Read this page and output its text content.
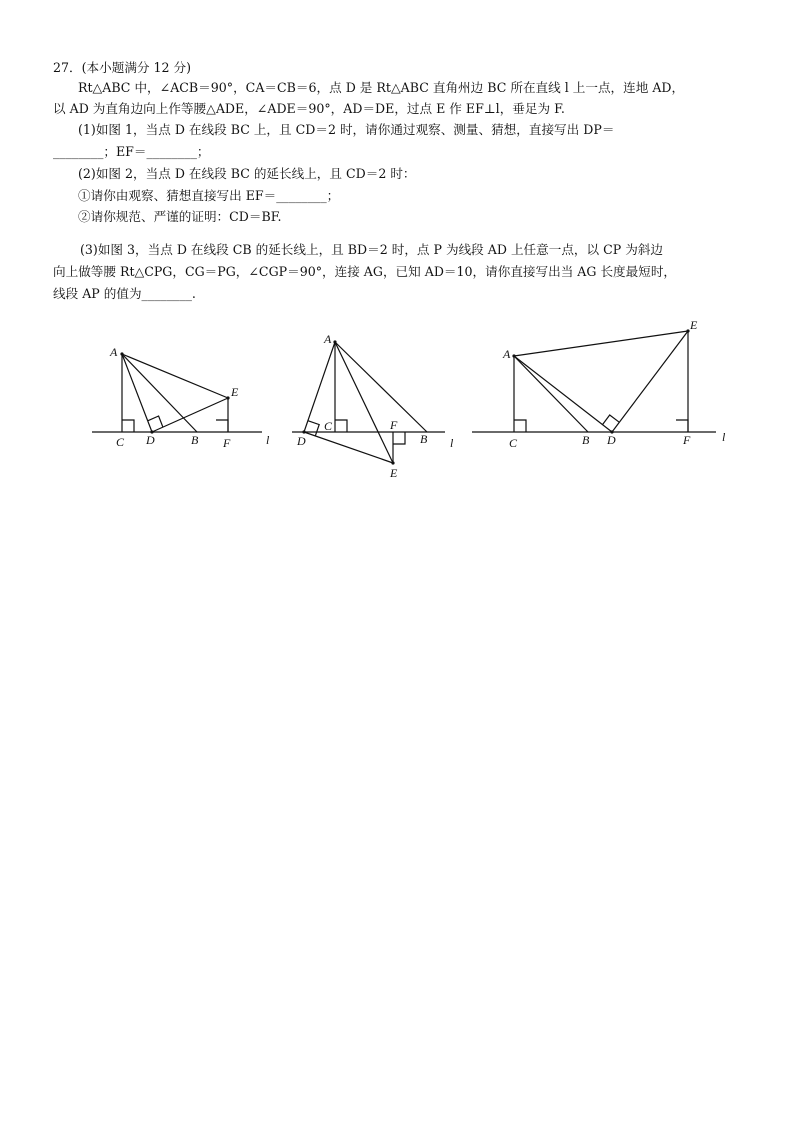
27．(本小题满分 12 分)
Rt△ABC 中，∠ACB＝90°，CA＝CB＝6，点 D 是 Rt△ABC 直角州边 BC 所在直线 l 上一点，连地 AD，
以 AD 为直角边向上作等腰△ADE，∠ADE＝90°，AD＝DE，过点 E 作 EF⊥l，垂足为 F.
(1)如图 1，当点 D 在线段 BC 上，且 CD＝2 时，请你通过观察、测量、猜想，直接写出 DP＝
________；EF＝________；
(2)如图 2，当点 D 在线段 BC 的延长线上，且 CD＝2 时：
①请你由观察、猜想直接写出 EF＝________；
②请你规范、严谨的证明：CD＝BF.
(3)如图 3，当点 D 在线段 CB 的延长线上，且 BD＝2 时，点 P 为线段 AD 上任意一点，以 CP 为斜边
向上做等腰 Rt△CPG，CG＝PG，∠CGP＝90°，连接 AG，已知 AD＝10，请你直接写出当 AG 长度最短时，
线段 AP 的值为________.
A
E
C D	B F	l
A
E
C
D	B
F
l
A
E
C	B D	F	l
